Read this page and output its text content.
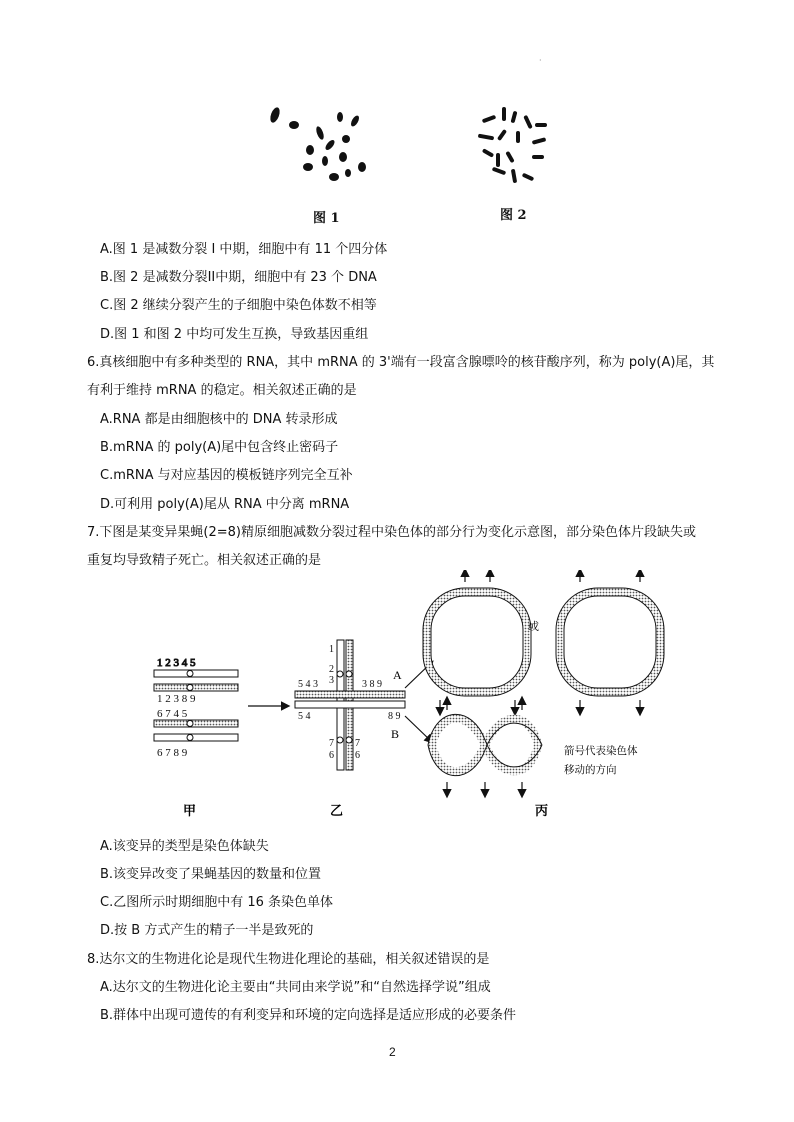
·
图 1	图 2
A.图 1 是减数分裂 I 中期，细胞中有 11 个四分体
B.图 2 是减数分裂II中期，细胞中有 23 个 DNA
C.图 2 继续分裂产生的子细胞中染色体数不相等
D.图 1 和图 2 中均可发生互换，导致基因重组
6.真核细胞中有多种类型的 RNA，其中 mRNA 的 3'端有一段富含腺嘌呤的核苷酸序列，称为 poly(A)尾，其
有利于维持 mRNA 的稳定。相关叙述正确的是
A.RNA 都是由细胞核中的 DNA 转录形成
B.mRNA 的 poly(A)尾中包含终止密码子
C.mRNA 与对应基因的模板链序列完全互补
D.可利用 poly(A)尾从 RNA 中分离 mRNA
7.下图是某变异果蝇(2=8)精原细胞减数分裂过程中染色体的部分行为变化示意图，部分染色体片段缺失或
重复均导致精子死亡。相关叙述正确的是
1 2 3 4 5
1 2 3 8 9
6 7 4 5
6 7 8 9
1
2
3
5 4 3	3 8 9
5 4	8 9
7
6
7
6
A
B
或
箭号代表染色体
移动的方向
甲	乙	丙
A.该变异的类型是染色体缺失
B.该变异改变了果蝇基因的数量和位置
C.乙图所示时期细胞中有 16 条染色单体
D.按 B 方式产生的精子一半是致死的
8.达尔文的生物进化论是现代生物进化理论的基础，相关叙述错误的是
A.达尔文的生物进化论主要由“共同由来学说”和“自然选择学说”组成
B.群体中出现可遗传的有利变异和环境的定向选择是适应形成的必要条件
2
